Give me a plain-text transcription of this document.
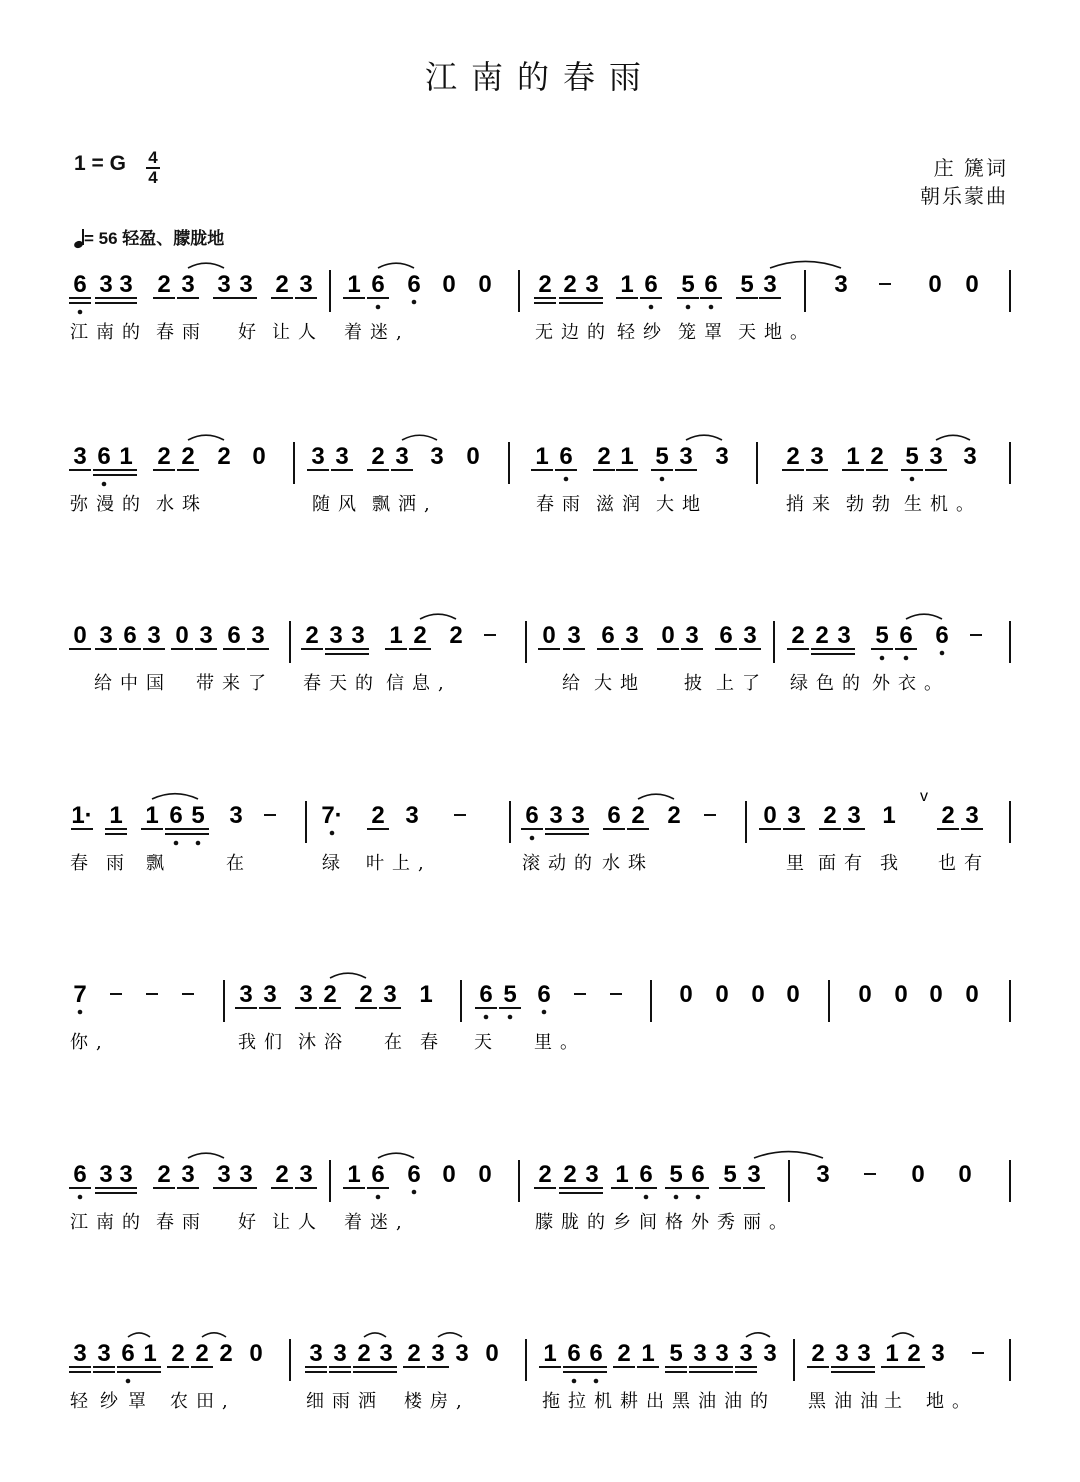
江南的春雨
1 = G 4
4	庄 篪词
朝乐蒙曲
= 56 轻盈、朦胧地
6 3 3 2 3 3 3 2 3 1 6 6 0 0 2 2 3 1 6 5 6 5 3 3	0 0
江南的 春雨 好 让人 着迷,	无边的 轻纱 笼罩 天地。
3 6 1 2 2 2 0 3 3 2 3 3 0 1 6 2 1 5 3 3 2 3 1 2 5 3 3
弥漫的 水珠	随风 飘洒,	春雨 滋润 大地	捎来 勃勃 生机。
0 3 6 3 0 3 6 3 2 3 3 1 2 2	0 3 6 3 0 3 6 3 2 2 3 5 6 6
给中国 带来了 春天的 信息,	给 大地 披 上了 绿色的 外衣。
1· 1 1 6 5 3	7· 2 3	6 3 3 6 2 2	0 3 2 3 1
v
2 3
春 雨 飘	在	绿 叶上,	滚动的 水珠	里 面有 我 也有
7	3 3 3 2 2 3 1 6 5 6	0 0 0 0 0 0 0 0
你,	我们 沐浴 在 春 天 里。
6 3 3 2 3 3 3 2 3 1 6 6 0 0 2 2 3 1 6 5 6 5 3 3	0 0
江南的 春雨 好 让人 着迷,	朦胧的乡间格外秀丽。
3 3 6 1 2 2 2 0 3 3 2 3 2 3 3 0 1 6 6 2 1 5 3 3 3 3 2 3 3 1 2 3
轻 纱 罩 农田,	细雨洒 楼房,	拖拉机耕出黑油油的 黑油油
土 地。
